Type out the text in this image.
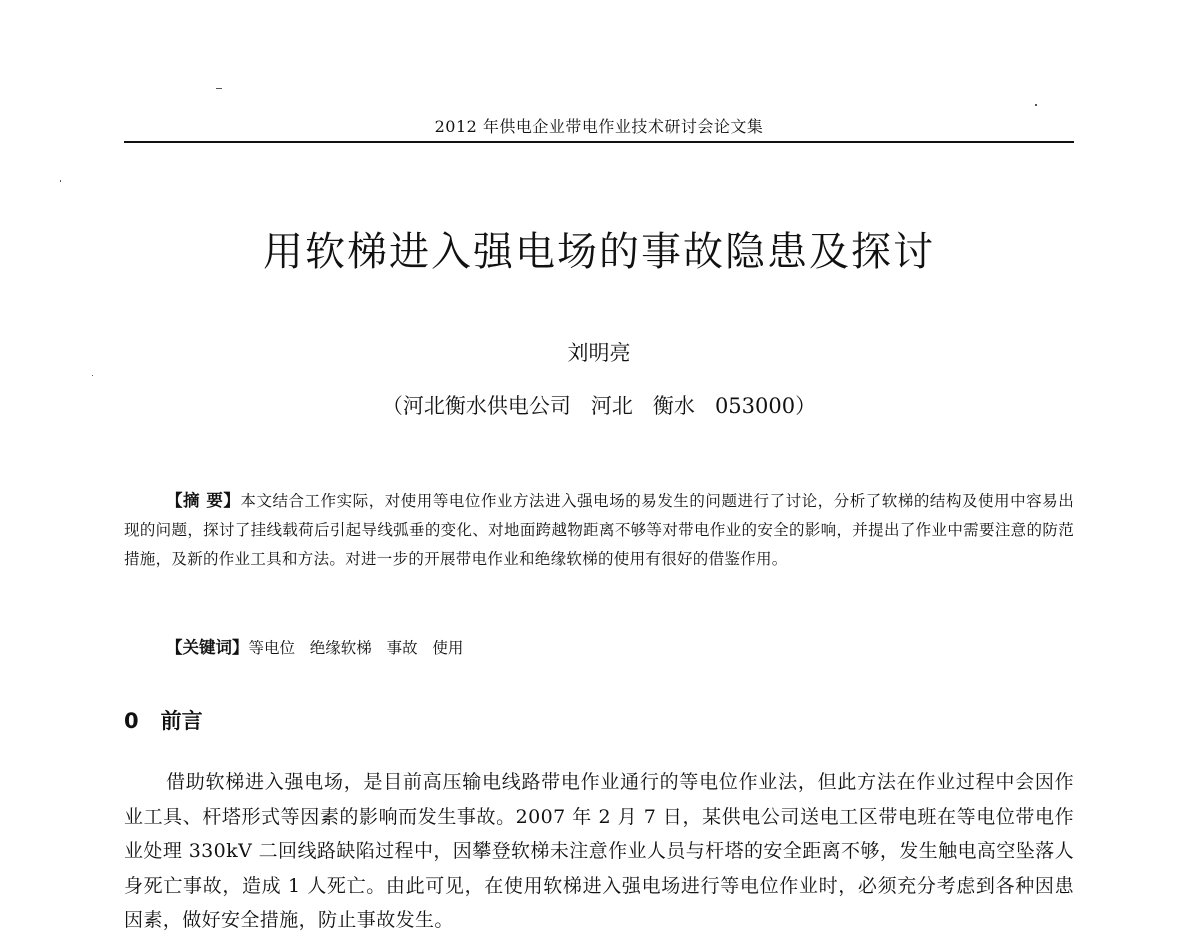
2012 年供电企业带电作业技术研讨会论文集
用软梯进入强电场的事故隐患及探讨
刘明亮
（河北衡水供电公司   河北   衡水   053000）
【摘 要】本文结合工作实际，对使用等电位作业方法进入强电场的易发生的问题进行了讨论，分析了软梯的结构及使用中容易出现的问题，探讨了挂线载荷后引起导线弧垂的变化、对地面跨越物距离不够等对带电作业的安全的影响，并提出了作业中需要注意的防范措施，及新的作业工具和方法。对进一步的开展带电作业和绝缘软梯的使用有很好的借鉴作用。
【关键词】等电位   绝缘软梯   事故   使用
0 前言
借助软梯进入强电场，是目前高压输电线路带电作业通行的等电位作业法，但此方法在作业过程中会因作业工具、杆塔形式等因素的影响而发生事故。2007 年 2 月 7 日，某供电公司送电工区带电班在等电位带电作业处理 330kV 二回线路缺陷过程中，因攀登软梯未注意作业人员与杆塔的安全距离不够，发生触电高空坠落人身死亡事故，造成 1 人死亡。由此可见，在使用软梯进入强电场进行等电位作业时，必须充分考虑到各种因患因素，做好安全措施，防止事故发生。
